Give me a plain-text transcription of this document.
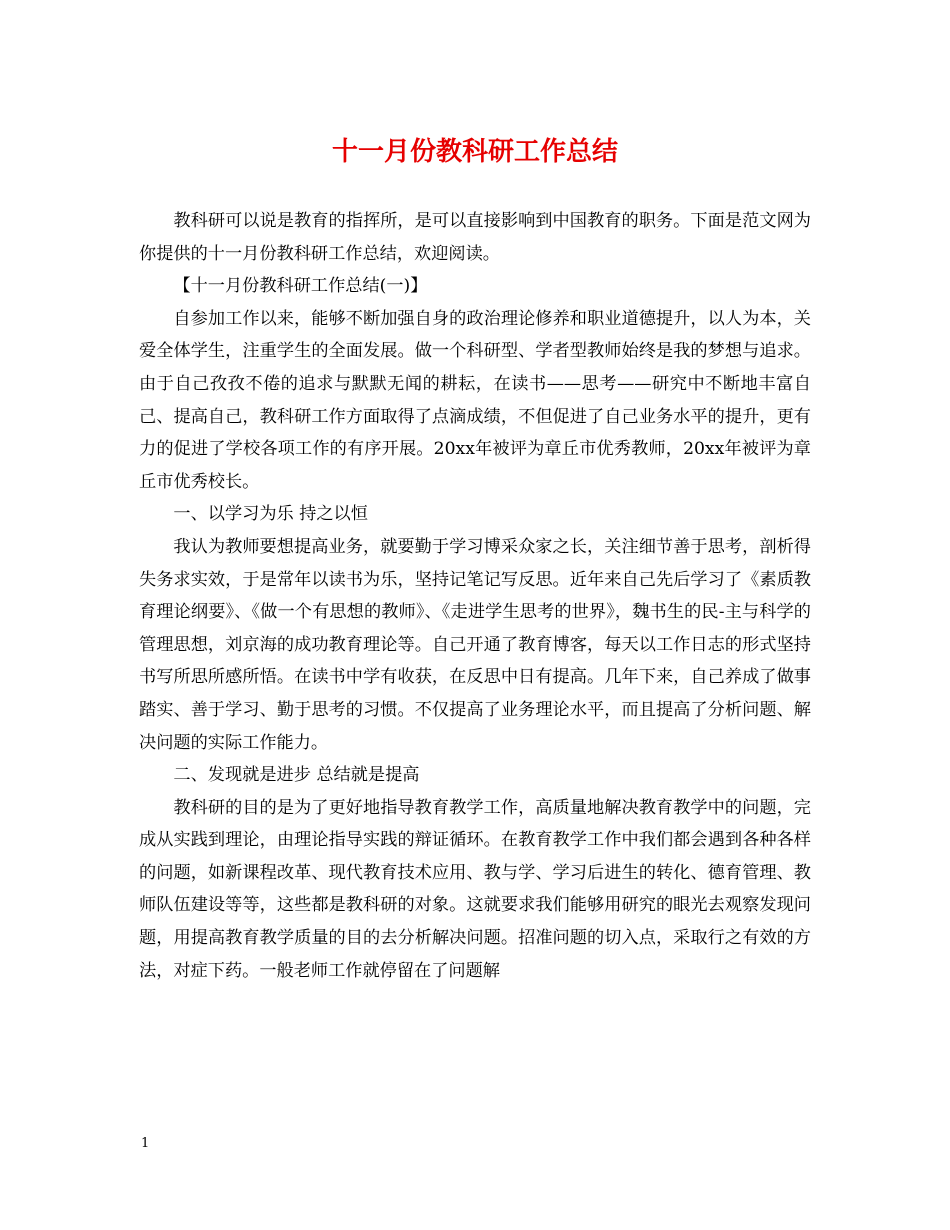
十一月份教科研工作总结

教科研可以说是教育的指挥所，是可以直接影响到中国教育的职务。下面是范文网为你提供的十一月份教科研工作总结，欢迎阅读。

【十一月份教科研工作总结(一)】

自参加工作以来，能够不断加强自身的政治理论修养和职业道德提升，以人为本，关爱全体学生，注重学生的全面发展。做一个科研型、学者型教师始终是我的梦想与追求。由于自己孜孜不倦的追求与默默无闻的耕耘，在读书——思考——研究中不断地丰富自己、提高自己，教科研工作方面取得了点滴成绩，不但促进了自己业务水平的提升，更有力的促进了学校各项工作的有序开展。20xx年被评为章丘市优秀教师，20xx年被评为章丘市优秀校长。

一、以学习为乐 持之以恒

我认为教师要想提高业务，就要勤于学习博采众家之长，关注细节善于思考，剖析得失务求实效，于是常年以读书为乐，坚持记笔记写反思。近年来自己先后学习了《素质教育理论纲要》、《做一个有思想的教师》、《走进学生思考的世界》，魏书生的民-主与科学的管理思想，刘京海的成功教育理论等。自己开通了教育博客，每天以工作日志的形式坚持书写所思所感所悟。在读书中学有收获，在反思中日有提高。几年下来，自己养成了做事踏实、善于学习、勤于思考的习惯。不仅提高了业务理论水平，而且提高了分析问题、解决问题的实际工作能力。

二、发现就是进步 总结就是提高

教科研的目的是为了更好地指导教育教学工作，高质量地解决教育教学中的问题，完成从实践到理论，由理论指导实践的辩证循环。在教育教学工作中我们都会遇到各种各样的问题，如新课程改革、现代教育技术应用、教与学、学习后进生的转化、德育管理、教师队伍建设等等，这些都是教科研的对象。这就要求我们能够用研究的眼光去观察发现问题，用提高教育教学质量的目的去分析解决问题。招准问题的切入点，采取行之有效的方法，对症下药。一般老师工作就停留在了问题解

1
